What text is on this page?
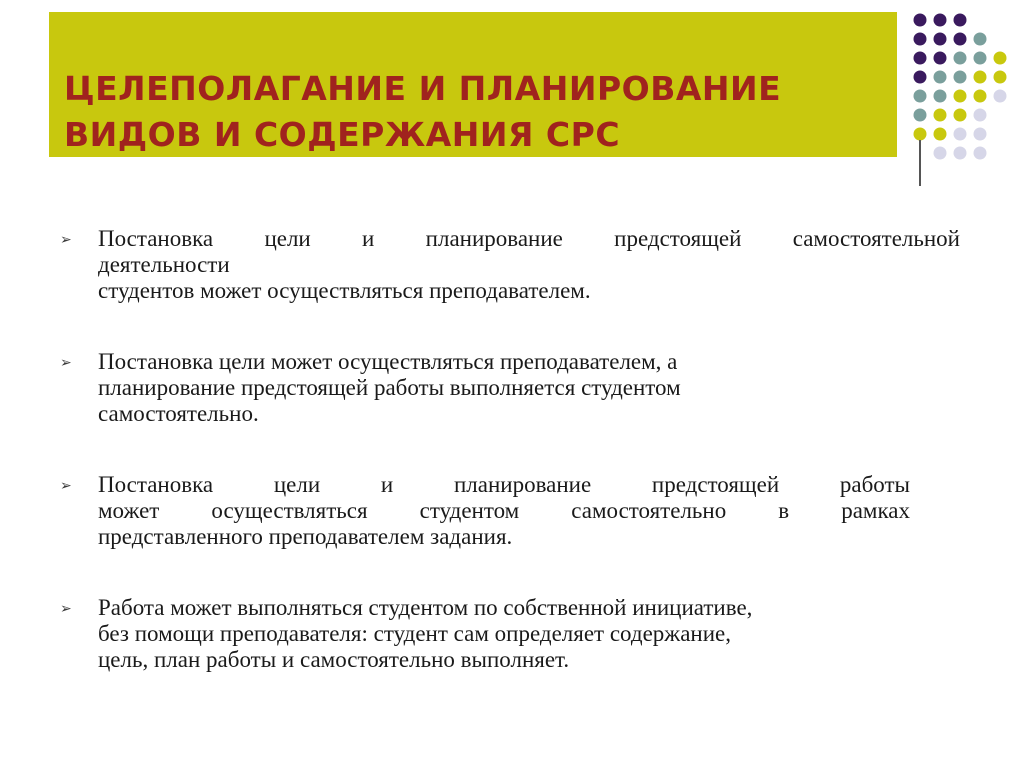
ЦЕЛЕПОЛАГАНИЕ И ПЛАНИРОВАНИЕ
ВИДОВ И СОДЕРЖАНИЯ СРС
➢ Постановка цели и планирование предстоящей самостоятельной
деятельности
студентов может осуществляться преподавателем.
➢ Постановка цели может осуществляться преподавателем, а
планирование предстоящей работы выполняется студентом
самостоятельно.
➢ Постановка цели и планирование предстоящей работы
может осуществляться студентом самостоятельно в рамках
представленного преподавателем задания.
➢ Работа может выполняться студентом по собственной инициативе,
без помощи преподавателя: студент сам определяет содержание,
цель, план работы и самостоятельно выполняет.
